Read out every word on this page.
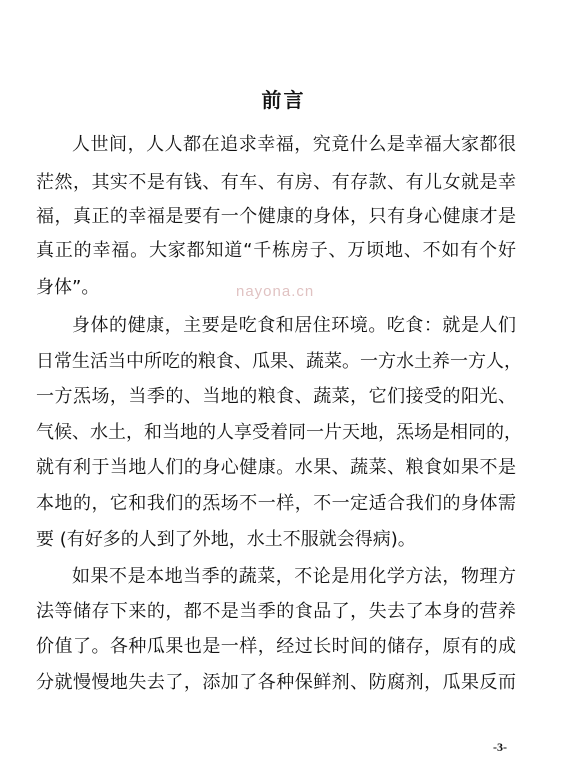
前言

人世间，人人都在追求幸福，究竟什么是幸福大家都很

茫然，其实不是有钱、有车、有房、有存款、有儿女就是幸

福，真正的幸福是要有一个健康的身体，只有身心健康才是

真正的幸福。大家都知道“千栋房子、万顷地、不如有个好

身体”。

身体的健康，主要是吃食和居住环境。吃食：就是人们

日常生活当中所吃的粮食、瓜果、蔬菜。一方水土养一方人，

一方炁场，当季的、当地的粮食、蔬菜，它们接受的阳光、

气候、水土，和当地的人享受着同一片天地，炁场是相同的，

就有利于当地人们的身心健康。水果、蔬菜、粮食如果不是

本地的，它和我们的炁场不一样，不一定适合我们的身体需

要 (有好多的人到了外地，水土不服就会得病)。

如果不是本地当季的蔬菜，不论是用化学方法，物理方

法等储存下来的，都不是当季的食品了，失去了本身的营养

价值了。各种瓜果也是一样，经过长时间的储存，原有的成

分就慢慢地失去了，添加了各种保鲜剂、防腐剂，瓜果反而

nayona.cn
-3-
